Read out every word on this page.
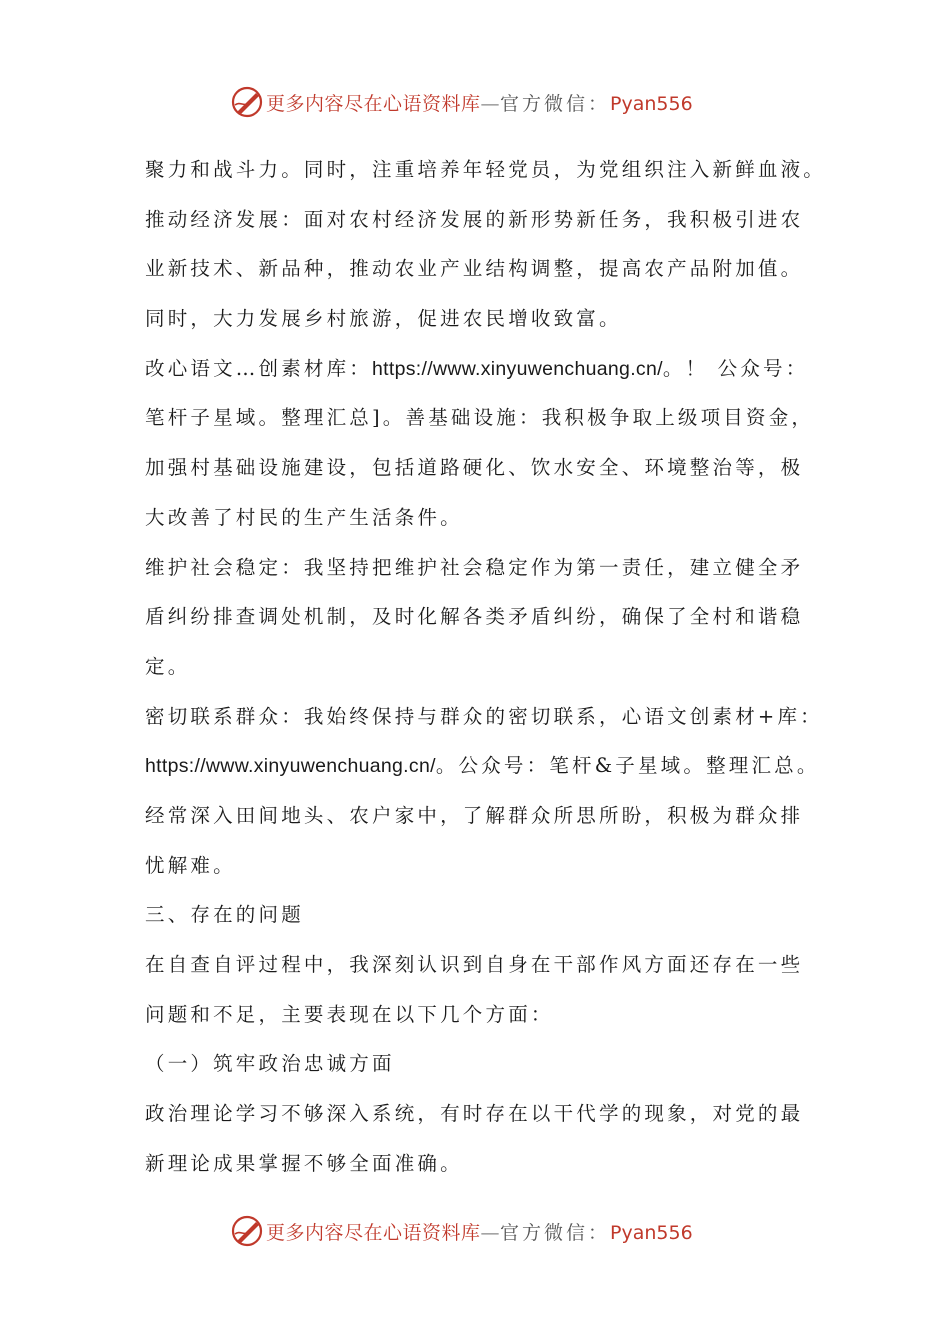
更多内容尽在心语资料库—官方微信：Pyan556
聚力和战斗力。同时，注重培养年轻党员，为党组织注入新鲜血液。
推动经济发展：面对农村经济发展的新形势新任务，我积极引进农
业新技术、新品种，推动农业产业结构调整，提高农产品附加值。
同时，大力发展乡村旅游，促进农民增收致富。
改心语文…创素材库：https://www.xinyuwenchuang.cn/。！ 公众号：
笔杆子星域。整理汇总]。善基础设施：我积极争取上级项目资金，
加强村基础设施建设，包括道路硬化、饮水安全、环境整治等，极
大改善了村民的生产生活条件。
维护社会稳定：我坚持把维护社会稳定作为第一责任，建立健全矛
盾纠纷排查调处机制，及时化解各类矛盾纠纷，确保了全村和谐稳
定。
密切联系群众：我始终保持与群众的密切联系，心语文创素材+库：
https://www.xinyuwenchuang.cn/。公众号：笔杆&子星域。整理汇总。
经常深入田间地头、农户家中，了解群众所思所盼，积极为群众排
忧解难。
三、存在的问题
在自查自评过程中，我深刻认识到自身在干部作风方面还存在一些
问题和不足，主要表现在以下几个方面：
（一）筑牢政治忠诚方面
政治理论学习不够深入系统，有时存在以干代学的现象，对党的最
新理论成果掌握不够全面准确。
更多内容尽在心语资料库—官方微信：Pyan556
